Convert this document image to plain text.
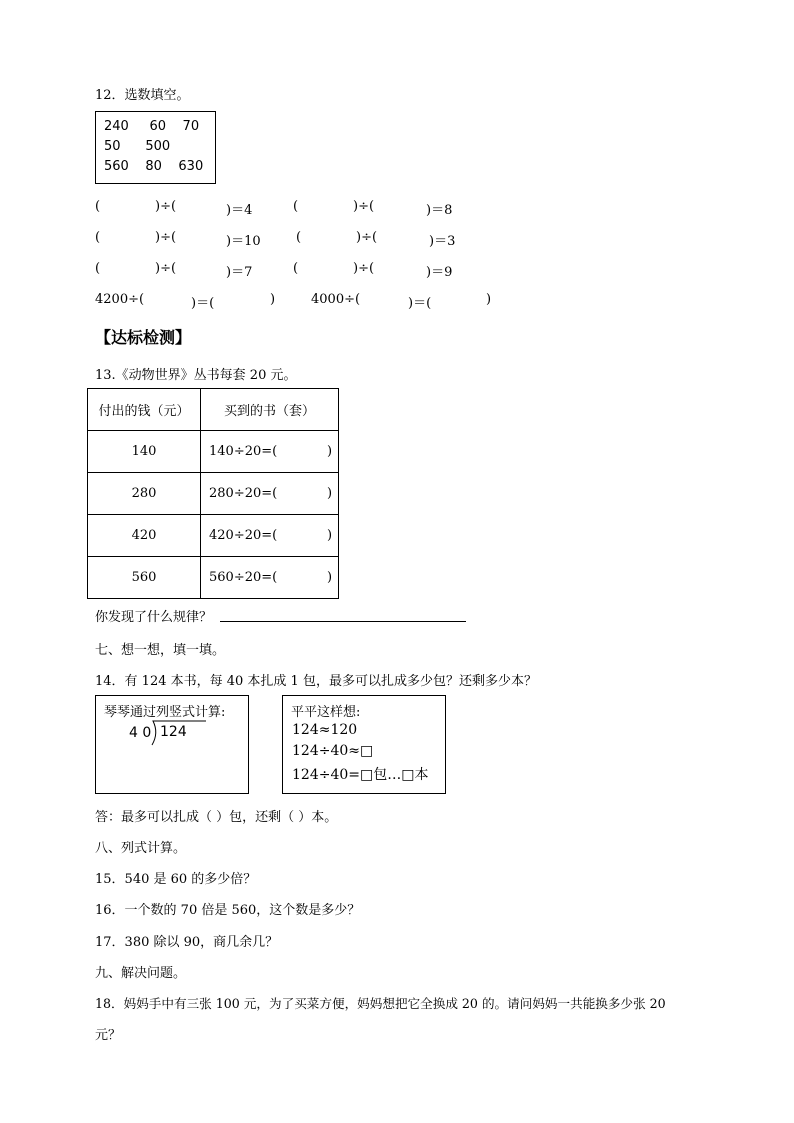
12．选数填空。
240     60    70
50      500
560    80    630
(	)÷(	)＝4	(	)÷(	)＝8
(	)÷(	)＝10	(	)÷(	)＝3
(	)÷(	)＝7	(	)÷(	)＝9
4200÷(	)＝(	)	4000÷(	)＝(	)
【达标检测】
13.《动物世界》丛书每套 20 元。
付出的钱（元）	买到的书（套）
140	140÷20=( )

280	280÷20=( )

420	420÷20=( )

560	560÷20=( )
你发现了什么规律？
七、想一想，填一填。
14．有 124 本书，每 40 本扎成 1 包，最多可以扎成多少包？还剩多少本？
琴琴通过列竖式计算:
4 0 124
平平这样想:
124≈120
124÷40≈□
124÷40=□包…□本
答：最多可以扎成（ ）包，还剩（ ）本。
八、列式计算。
15．540 是 60 的多少倍？
16．一个数的 70 倍是 560，这个数是多少？
17．380 除以 90，商几余几？
九、解决问题。
18．妈妈手中有三张 100 元，为了买菜方便，妈妈想把它全换成 20 的。请问妈妈一共能换多少张 20
元？
